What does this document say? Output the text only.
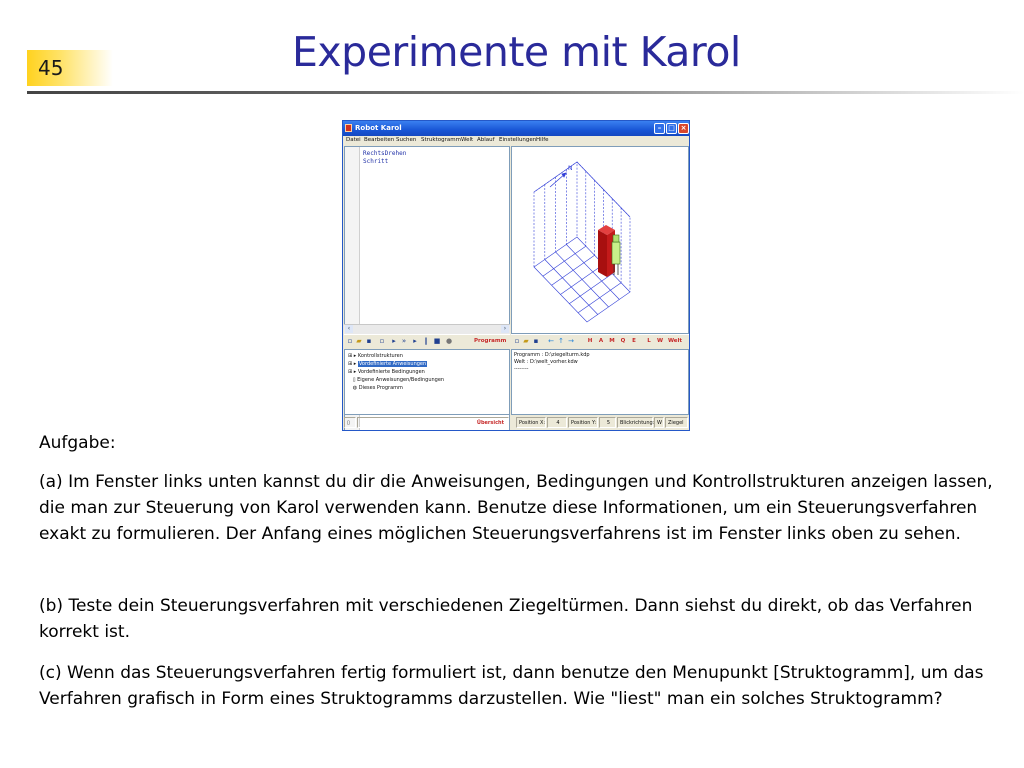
45	Experimente mit Karol
Robot Karol	– □ ×
Datei Bearbeiten Suchen Struktogramm Welt Ablauf Einstellungen Hilfe
RechtsDrehen
Schritt
‹	›
N
▫ ▰ ▪ ▫	▸ »	▸	‖ ■ ●	Programm ▫ ▰ ▪ ← ↑ →	H	A	M	Q	E	L	W Welt
⊞ ▸ Kontrollstrukturen
⊞ ▸ Vordefinierte Anweisungen
⊞ ▸ Vordefinierte Bedingungen
▯ Eigene Anweisungen/Bedingungen
◍ Dieses Programm
Programm : D:\ziegelturm.kdp
Welt : D:\welt_vorher.kdw
--------
▯	Übersicht	Position X:	4	Position Y:	5	Blickrichtung: W	Ziegel
Aufgabe:

(a) Im Fenster links unten kannst du dir die Anweisungen, Bedingungen und Kontrollstrukturen anzeigen lassen, die man zur Steuerung von Karol verwenden kann. Benutze diese Informationen, um ein Steuerungsverfahren exakt zu formulieren. Der Anfang eines möglichen Steuerungsverfahrens ist im Fenster links oben zu sehen.

(b) Teste dein Steuerungsverfahren mit verschiedenen Ziegeltürmen. Dann siehst du direkt, ob das Verfahren korrekt ist.

(c) Wenn das Steuerungsverfahren fertig formuliert ist, dann benutze den Menupunkt [Struktogramm], um das Verfahren grafisch in Form eines Struktogramms darzustellen. Wie "liest" man ein solches Struktogramm?
